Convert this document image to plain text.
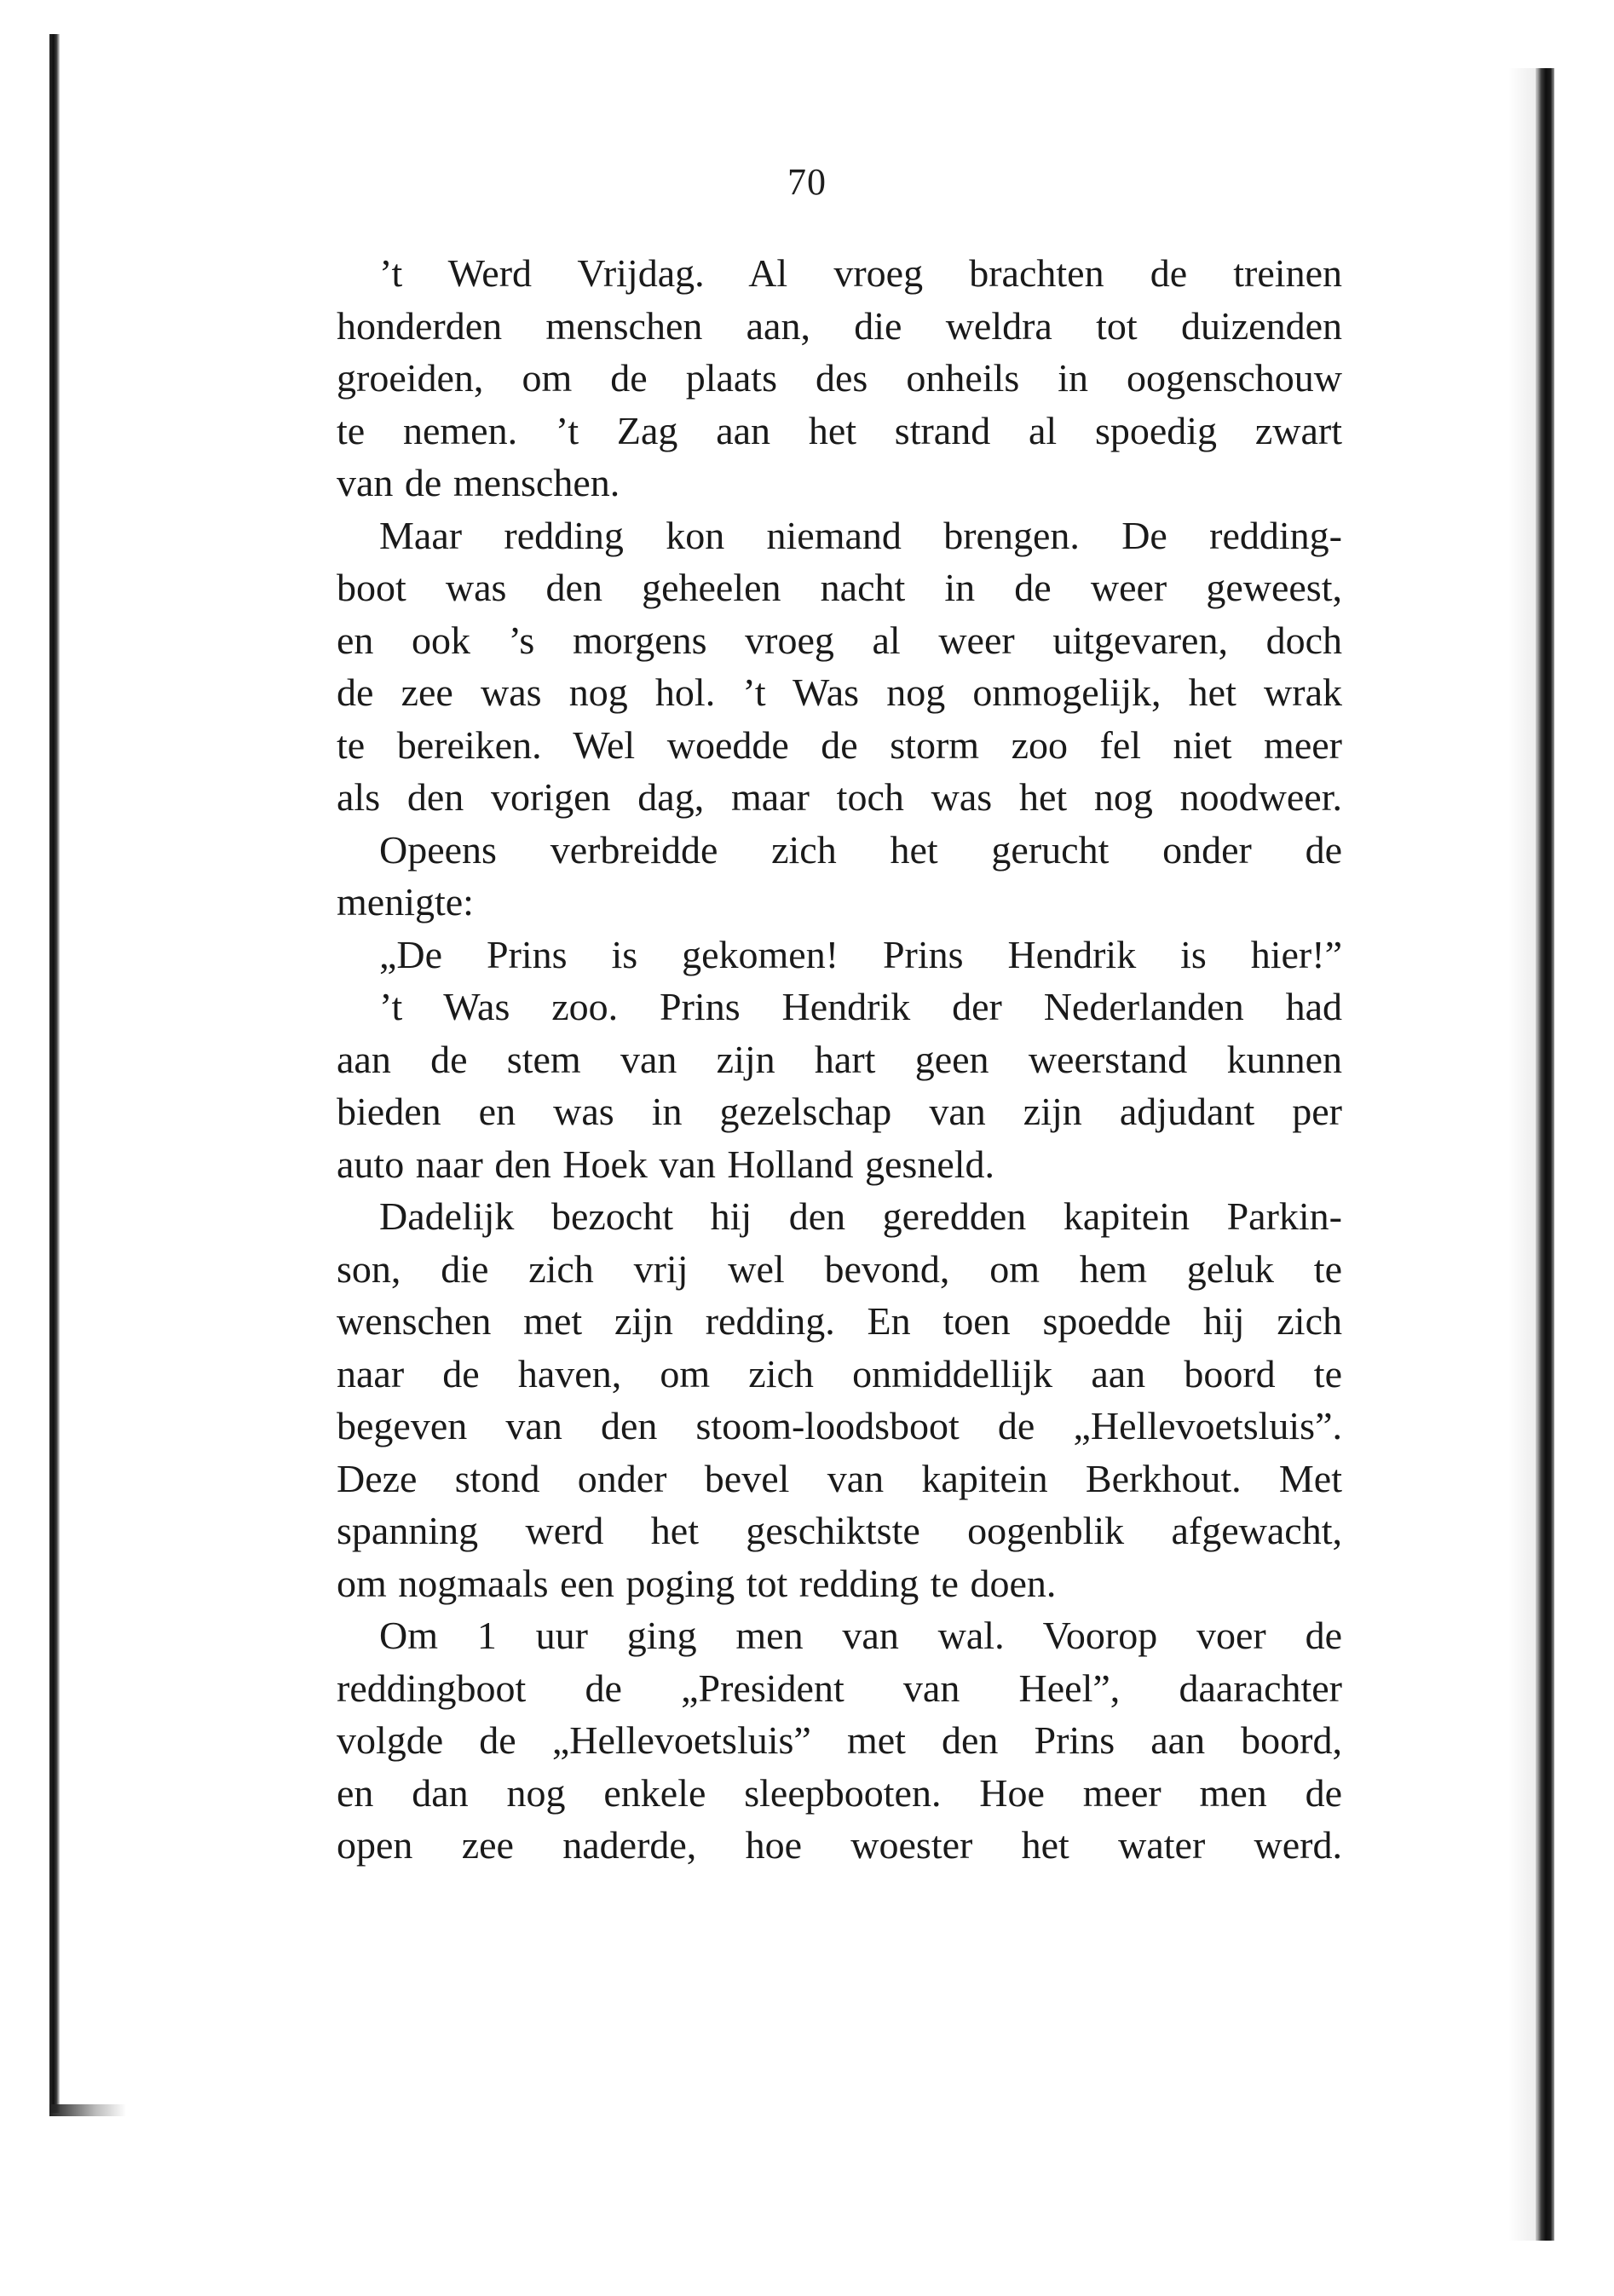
70
’t Werd Vrijdag. Al vroeg brachten de treinen
honderden menschen aan, die weldra tot duizenden
groeiden, om de plaats des onheils in oogenschouw
te nemen. ’t Zag aan het strand al spoedig zwart
van de menschen.
Maar redding kon niemand brengen. De redding-
boot was den geheelen nacht in de weer geweest,
en ook ’s morgens vroeg al weer uitgevaren, doch
de zee was nog hol. ’t Was nog onmogelijk, het wrak
te bereiken. Wel woedde de storm zoo fel niet meer
als den vorigen dag, maar toch was het nog noodweer.
Opeens verbreidde zich het gerucht onder de
menigte:
„De Prins is gekomen! Prins Hendrik is hier!”
’t Was zoo. Prins Hendrik der Nederlanden had
aan de stem van zijn hart geen weerstand kunnen
bieden en was in gezelschap van zijn adjudant per
auto naar den Hoek van Holland gesneld.
Dadelijk bezocht hij den geredden kapitein Parkin-
son, die zich vrij wel bevond, om hem geluk te
wenschen met zijn redding. En toen spoedde hij zich
naar de haven, om zich onmiddellijk aan boord te
begeven van den stoom-loodsboot de „Hellevoetsluis”.
Deze stond onder bevel van kapitein Berkhout. Met
spanning werd het geschiktste oogenblik afgewacht,
om nogmaals een poging tot redding te doen.
Om 1 uur ging men van wal. Voorop voer de
reddingboot de „President van Heel”, daarachter
volgde de „Hellevoetsluis” met den Prins aan boord,
en dan nog enkele sleepbooten. Hoe meer men de
open zee naderde, hoe woester het water werd.
